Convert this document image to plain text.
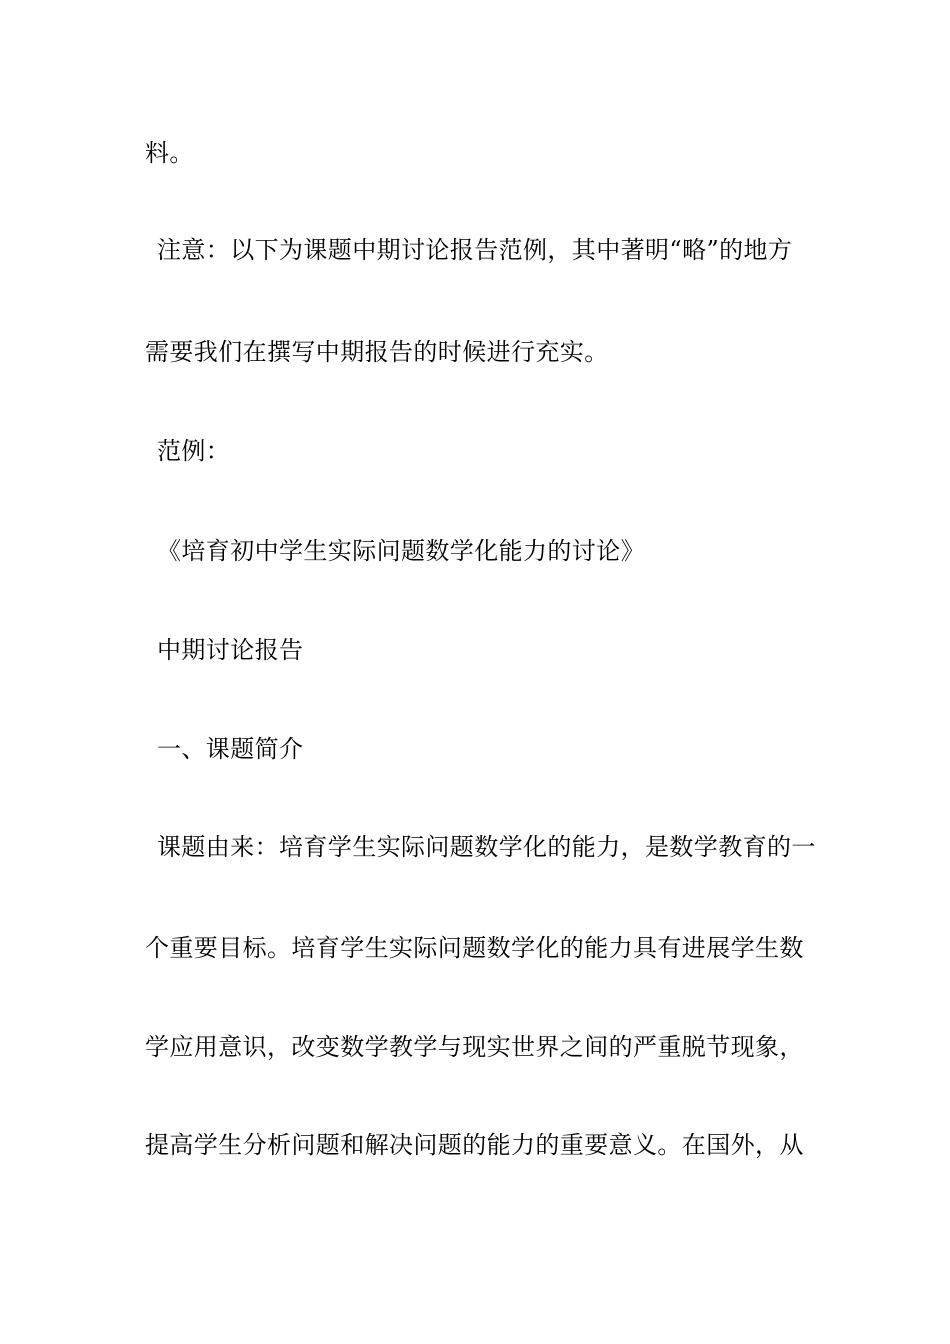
料。
注意：以下为课题中期讨论报告范例，其中著明“略”的地方
需要我们在撰写中期报告的时候进行充实。
范例：
《培育初中学生实际问题数学化能力的讨论》
中期讨论报告
一、课题简介
课题由来：培育学生实际问题数学化的能力，是数学教育的一
个重要目标。培育学生实际问题数学化的能力具有进展学生数
学应用意识，改变数学教学与现实世界之间的严重脱节现象，
提高学生分析问题和解决问题的能力的重要意义。在国外，从
